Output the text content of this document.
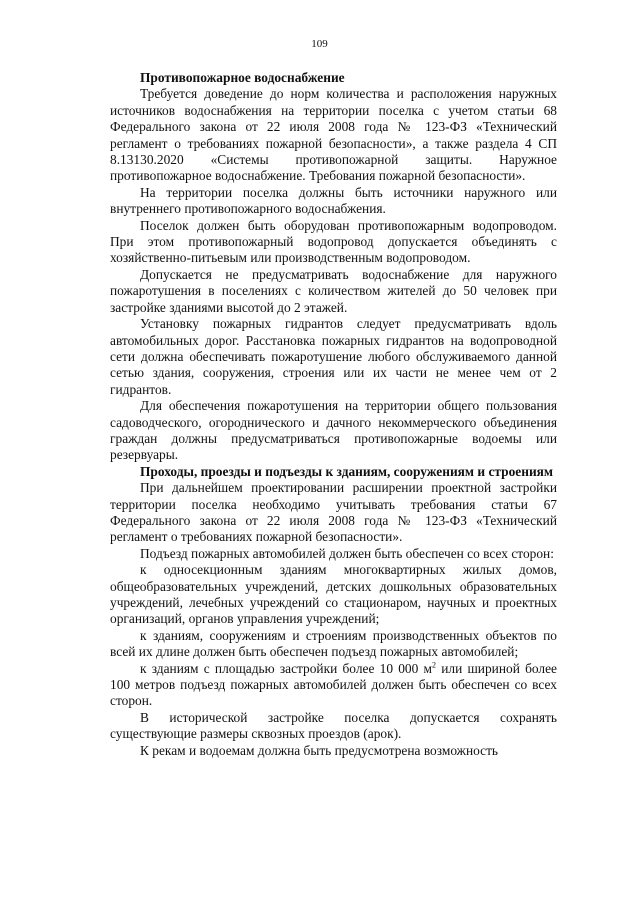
109

Противопожарное водоснабжение

Требуется доведение до норм количества и расположения наружных источников водоснабжения на территории поселка с учетом статьи 68 Федерального закона от 22 июля 2008 года № 123-ФЗ «Технический регламент о требованиях пожарной безопасности», а также раздела 4 СП 8.13130.2020 «Системы противопожарной защиты. Наружное противопожарное водоснабжение. Требования пожарной безопасности».

На территории поселка должны быть источники наружного или внутреннего противопожарного водоснабжения.

Поселок должен быть оборудован противопожарным водопроводом. При этом противопожарный водопровод допускается объединять с хозяйственно-питьевым или производственным водопроводом.

Допускается не предусматривать водоснабжение для наружного пожаротушения в поселениях с количеством жителей до 50 человек при застройке зданиями высотой до 2 этажей.

Установку пожарных гидрантов следует предусматривать вдоль автомобильных дорог. Расстановка пожарных гидрантов на водопроводной сети должна обеспечивать пожаротушение любого обслуживаемого данной сетью здания, сооружения, строения или их части не менее чем от 2 гидрантов.

Для обеспечения пожаротушения на территории общего пользования садоводческого, огороднического и дачного некоммерческого объединения граждан должны предусматриваться противопожарные водоемы или резервуары.

Проходы, проезды и подъезды к зданиям, сооружениям и строениям

При дальнейшем проектировании расширении проектной застройки территории поселка необходимо учитывать требования статьи 67 Федерального закона от 22 июля 2008 года № 123-ФЗ «Технический регламент о требованиях пожарной безопасности».

Подъезд пожарных автомобилей должен быть обеспечен со всех сторон:

к односекционным зданиям многоквартирных жилых домов, общеобразовательных учреждений, детских дошкольных образовательных учреждений, лечебных учреждений со стационаром, научных и проектных организаций, органов управления учреждений;

к зданиям, сооружениям и строениям производственных объектов по всей их длине должен быть обеспечен подъезд пожарных автомобилей;

к зданиям с площадью застройки более 10 000 $м^2$ или шириной более 100 метров подъезд пожарных автомобилей должен быть обеспечен со всех сторон.

В исторической застройке поселка допускается сохранять существующие размеры сквозных проездов (арок).

К рекам и водоемам должна быть предусмотрена возможность
